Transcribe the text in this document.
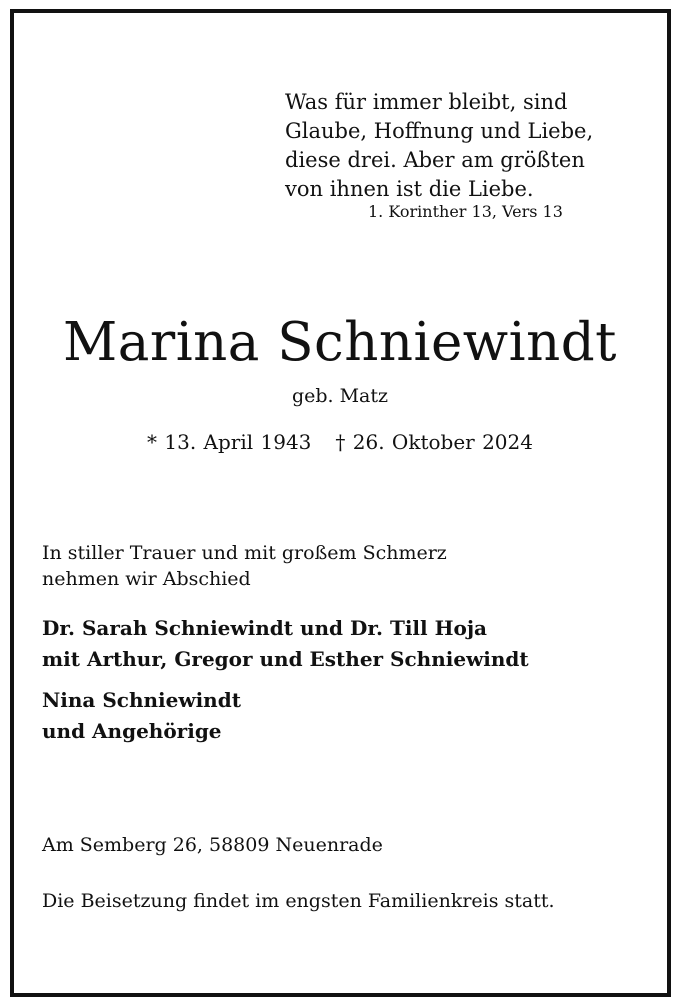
Was für immer bleibt, sind
Glaube, Hoffnung und Liebe,
diese drei. Aber am größten
von ihnen ist die Liebe.
1. Korinther 13, Vers 13
Marina Schniewindt
geb. Matz
* 13. April 1943 † 26. Oktober 2024
In stiller Trauer und mit großem Schmerz
nehmen wir Abschied
Dr. Sarah Schniewindt und Dr. Till Hoja
mit Arthur, Gregor und Esther Schniewindt
Nina Schniewindt
und Angehörige
Am Semberg 26, 58809 Neuenrade
Die Beisetzung findet im engsten Familienkreis statt.
